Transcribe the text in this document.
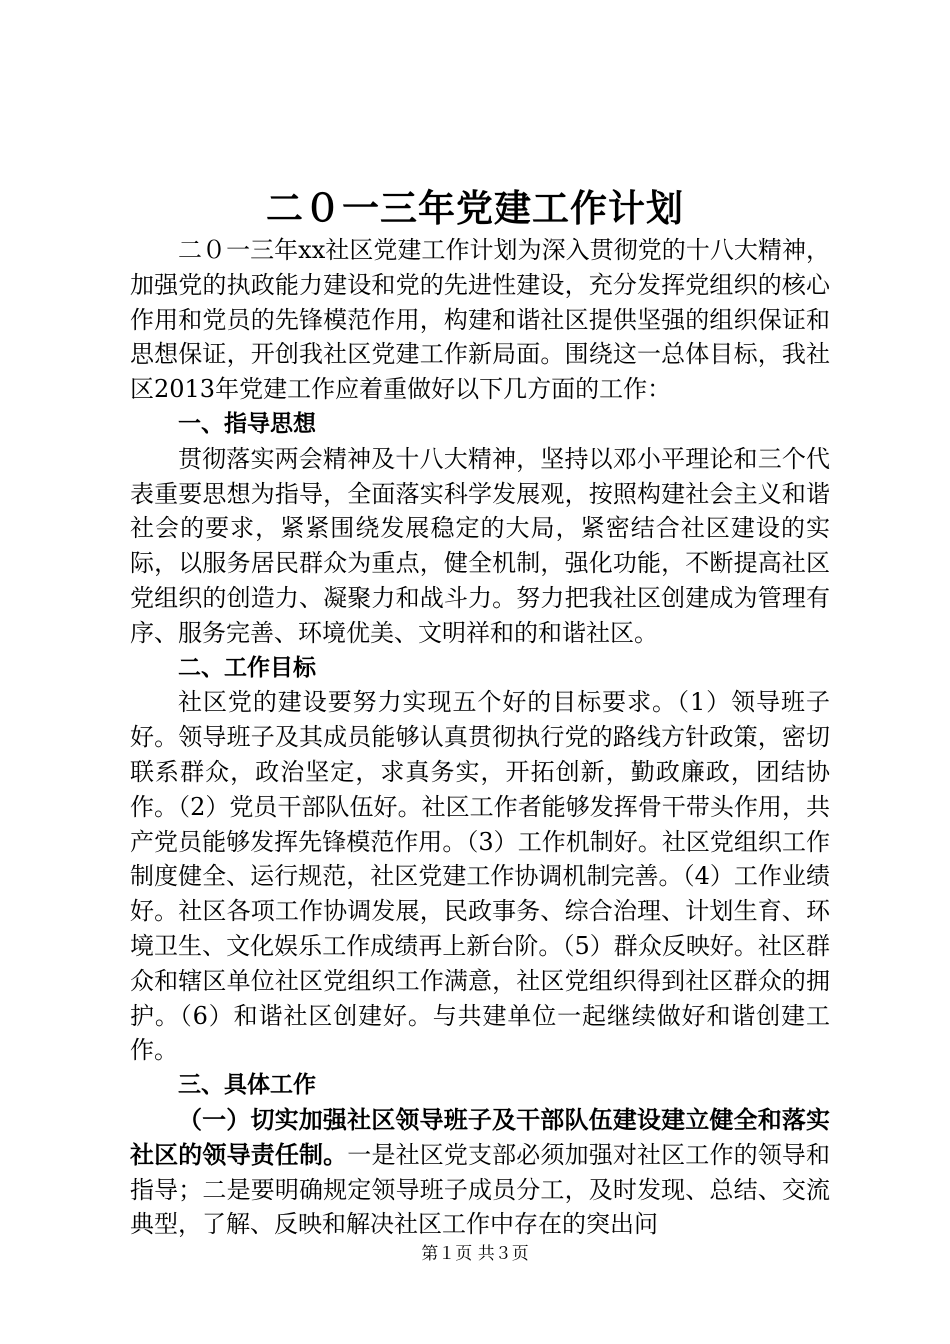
二０一三年党建工作计划

二０一三年xx社区党建工作计划为深入贯彻党的十八大精神，加强党的执政能力建设和党的先进性建设，充分发挥党组织的核心作用和党员的先锋模范作用，构建和谐社区提供坚强的组织保证和思想保证，开创我社区党建工作新局面。围绕这一总体目标，我社区2013年党建工作应着重做好以下几方面的工作：

一、指导思想

贯彻落实两会精神及十八大精神，坚持以邓小平理论和三个代表重要思想为指导，全面落实科学发展观，按照构建社会主义和谐社会的要求，紧紧围绕发展稳定的大局，紧密结合社区建设的实际，以服务居民群众为重点，健全机制，强化功能，不断提高社区党组织的创造力、凝聚力和战斗力。努力把我社区创建成为管理有序、服务完善、环境优美、文明祥和的和谐社区。

二、工作目标

社区党的建设要努力实现五个好的目标要求。（1）领导班子好。领导班子及其成员能够认真贯彻执行党的路线方针政策，密切联系群众，政治坚定，求真务实，开拓创新，勤政廉政，团结协作。（2）党员干部队伍好。社区工作者能够发挥骨干带头作用，共产党员能够发挥先锋模范作用。（3）工作机制好。社区党组织工作制度健全、运行规范，社区党建工作协调机制完善。（4）工作业绩好。社区各项工作协调发展，民政事务、综合治理、计划生育、环境卫生、文化娱乐工作成绩再上新台阶。（5）群众反映好。社区群众和辖区单位社区党组织工作满意，社区党组织得到社区群众的拥护。（6）和谐社区创建好。与共建单位一起继续做好和谐创建工作。

三、具体工作

（一）切实加强社区领导班子及干部队伍建设建立健全和落实社区的领导责任制。一是社区党支部必须加强对社区工作的领导和指导；二是要明确规定领导班子成员分工，及时发现、总结、交流典型，了解、反映和解决社区工作中存在的突出问

第１页 共３页
